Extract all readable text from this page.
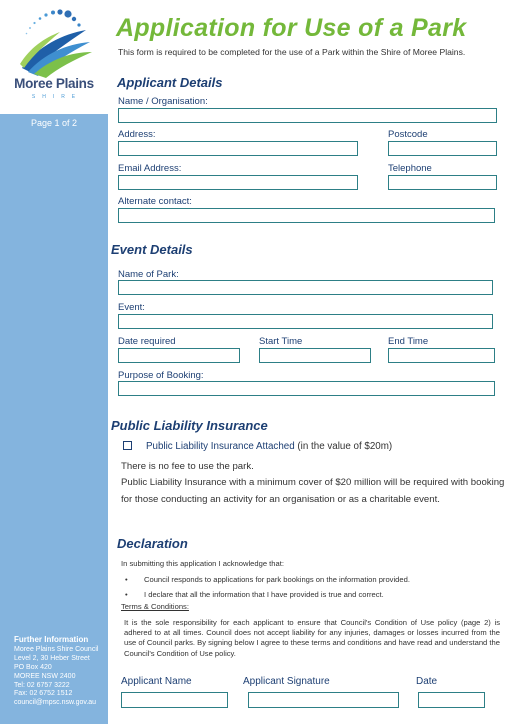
Moree Plains
SHIRE
Page 1 of 2
Further Information
Moree Plains Shire Council
Level 2, 30 Heber Street
PO Box 420
MOREE NSW 2400
Tel: 02 6757 3222
Fax: 02 6752 1512
council@mpsc.nsw.gov.au
Application for Use of a Park
This form is required to be completed for the use of a Park within the Shire of Moree Plains.
Applicant Details
Name / Organisation:
Address:	Postcode
Email Address:	Telephone
Alternate contact:
Event Details
Name of Park:
Event:
Date required	Start Time	End Time
Purpose of Booking:
Public Liability Insurance
Public Liability Insurance Attached (in the value of $20m)
There is no fee to use the park.
Public Liability Insurance with a minimum cover of $20 million will be required with booking
for those conducting an activity for an organisation or as a charitable event.
Declaration
In submitting this application I acknowledge that:
• Council responds to applications for park bookings on the information provided.
• I declare that all the information that I have provided is true and correct.
Terms & Conditions:
It is the sole responsibility for each applicant to ensure that Council's Condition of Use policy (page 2) is adhered to at all times. Council does not accept liability for any injuries, damages or losses incurred from the use of Council parks. By signing below I agree to these terms and conditions and have read and understand the Council's Condition of Use policy.
Applicant Name	Applicant Signature	Date
